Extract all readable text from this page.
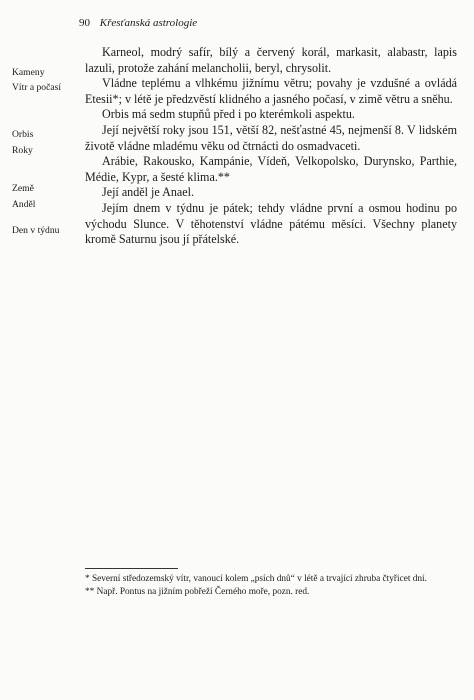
90 Křesťanská astrologie
Kameny
Vítr a počasí
Orbis
Roky
Země
Anděl
Den v týdnu

Karneol, modrý safír, bílý a červený korál, markasit, alabastr, lapis lazuli, protože zahání melancholii, beryl, chrysolit.

Vládne teplému a vlhkému jižnímu větru; povahy je vzdušné a ovládá Etesii*; v létě je předzvěstí klidného a jasného počasí, v zimě větru a sněhu.

Orbis má sedm stupňů před i po kterémkoli aspektu.

Její největší roky jsou 151, větší 82, nešťastné 45, nejmenší 8. V lidském životě vládne mladému věku od čtrnácti do osmadvaceti.

Arábie, Rakousko, Kampánie, Vídeň, Velkopolsko, Durynsko, Parthie, Médie, Kypr, a šesté klima.**

Její anděl je Anael.

Jejím dnem v týdnu je pátek; tehdy vládne první a osmou hodinu po východu Slunce. V těhotenství vládne pátému měsíci. Všechny planety kromě Saturnu jsou jí přátelské.

* Severní středozemský vítr, vanoucí kolem „psích dnů“ v létě a trvající zhruba čtyřicet dní.

** Např. Pontus na jižním pobřeží Černého moře, pozn. red.
